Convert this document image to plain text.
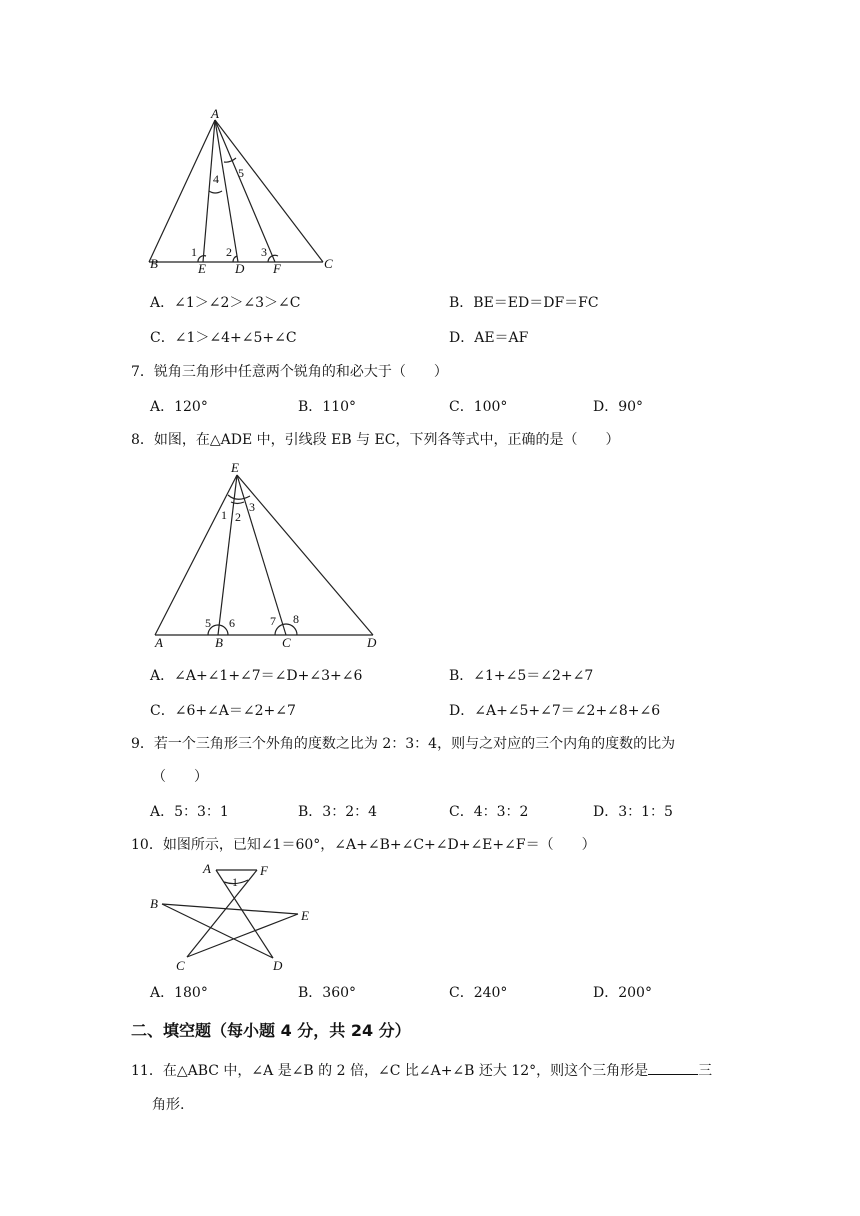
A
B	C
E D F
1 2 3
4 5
A．∠1＞∠2＞∠3＞∠C	B．BE＝ED＝DF＝FC
C．∠1＞∠4+∠5+∠C	D．AE＝AF
7．锐角三角形中任意两个锐角的和必大于（　　）
A．120°	B．110°	C．100°	D．90°
8．如图，在△ADE 中，引线段 EB 与 EC，下列各等式中，正确的是（　　）
E
A	B	C	D
1 2
3
5 6	7 8
A．∠A+∠1+∠7＝∠D+∠3+∠6	B．∠1+∠5＝∠2+∠7
C．∠6+∠A＝∠2+∠7	D．∠A+∠5+∠7＝∠2+∠8+∠6
9．若一个三角形三个外角的度数之比为 2：3：4，则与之对应的三个内角的度数的比为
（　　）
A．5：3：1	B．3：2：4	C．4：3：2	D．3：1：5
10．如图所示，已知∠1＝60°，∠A+∠B+∠C+∠D+∠E+∠F＝（　　）
A	F
B
E
C	D
1
A．180°	B．360°	C．240°	D．200°
二、填空题（每小题 4 分，共 24 分）
11．在△ABC 中，∠A 是∠B 的 2 倍，∠C 比∠A+∠B 还大 12°，则这个三角形是	三
角形.
